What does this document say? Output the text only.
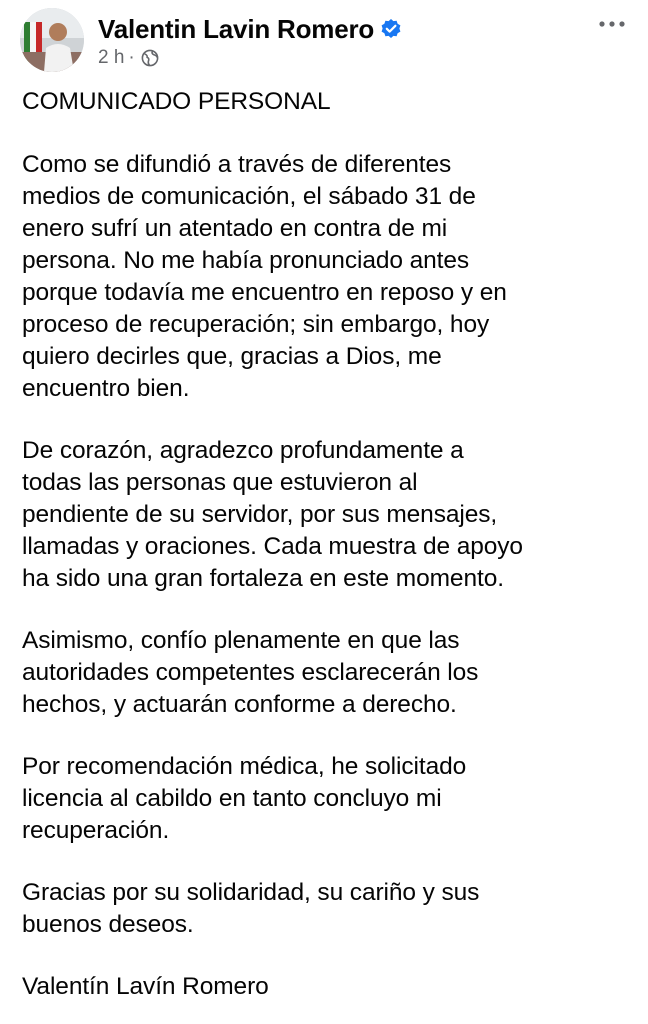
Valentin Lavin Romero
2 h ·

COMUNICADO PERSONAL

Como se difundió a través de diferentes
medios de comunicación, el sábado 31 de
enero sufrí un atentado en contra de mi
persona. No me había pronunciado antes
porque todavía me encuentro en reposo y en
proceso de recuperación; sin embargo, hoy
quiero decirles que, gracias a Dios, me
encuentro bien.

De corazón, agradezco profundamente a
todas las personas que estuvieron al
pendiente de su servidor, por sus mensajes,
llamadas y oraciones. Cada muestra de apoyo
ha sido una gran fortaleza en este momento.

Asimismo, confío plenamente en que las
autoridades competentes esclarecerán los
hechos, y actuarán conforme a derecho.

Por recomendación médica, he solicitado
licencia al cabildo en tanto concluyo mi
recuperación.

Gracias por su solidaridad, su cariño y sus
buenos deseos.

Valentín Lavín Romero
